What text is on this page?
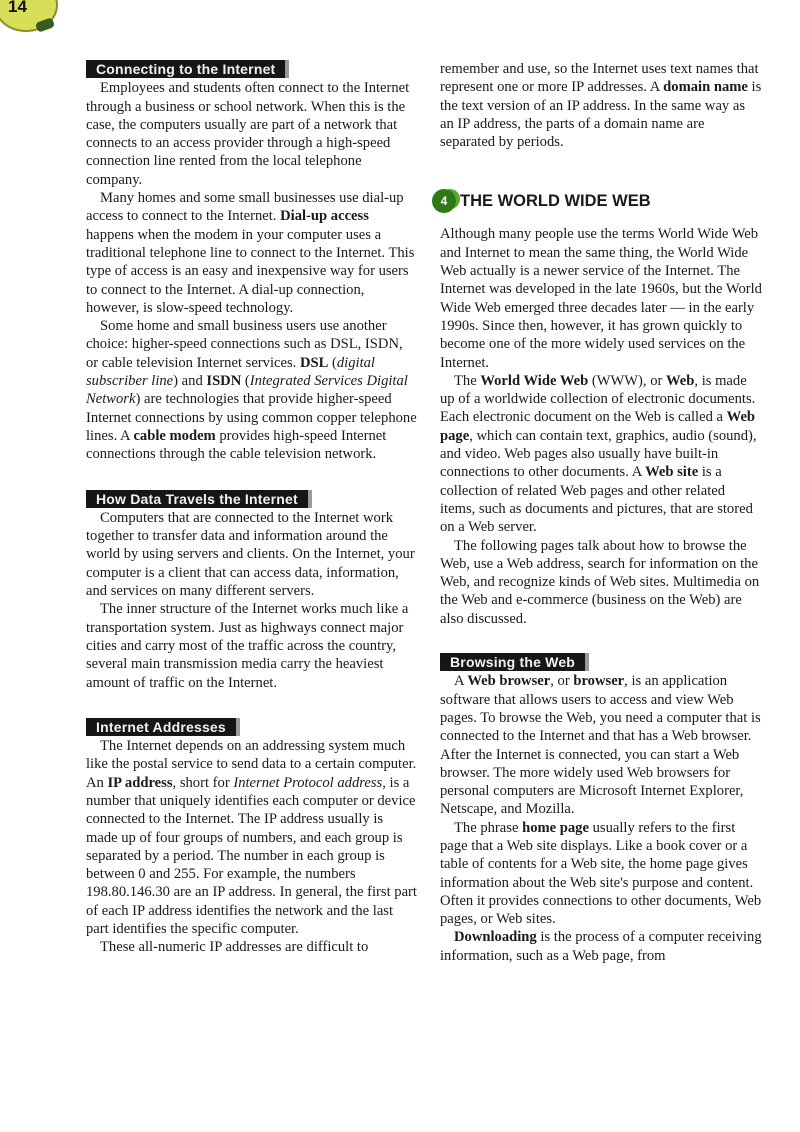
14
Connecting to the Internet

Employees and students often connect to the Internet through a business or school network. When this is the case, the computers usually are part of a network that connects to an access provider through a high-speed connection line rented from the local telephone company.

Many homes and some small businesses use dial-up access to connect to the Internet. Dial-up access happens when the modem in your computer uses a traditional telephone line to connect to the Internet. This type of access is an easy and inexpensive way for users to connect to the Internet. A dial-up connection, however, is slow-speed technology.

Some home and small business users use another choice: higher-speed connections such as DSL, ISDN, or cable television Internet services. DSL (digital subscriber line) and ISDN (Integrated Services Digital Network) are technologies that provide higher-speed Internet connections by using common copper telephone lines. A cable modem provides high-speed Internet connections through the cable television network.

How Data Travels the Internet

Computers that are connected to the Internet work together to transfer data and information around the world by using servers and clients. On the Internet, your computer is a client that can access data, information, and services on many different servers.

The inner structure of the Internet works much like a transportation system. Just as highways connect major cities and carry most of the traffic across the country, several main transmission media carry the heaviest amount of traffic on the Internet.

Internet Addresses

The Internet depends on an addressing system much like the postal service to send data to a certain computer. An IP address, short for Internet Protocol address, is a number that uniquely identifies each computer or device connected to the Internet. The IP address usually is made up of four groups of numbers, and each group is separated by a period. The number in each group is between 0 and 255. For example, the numbers 198.80.146.30 are an IP address. In general, the first part of each IP address identifies the network and the last part identifies the specific computer.

These all-numeric IP addresses are difficult to

remember and use, so the Internet uses text names that represent one or more IP addresses. A domain name is the text version of an IP address. In the same way as an IP address, the parts of a domain name are separated by periods.

4 THE WORLD WIDE WEB

Although many people use the terms World Wide Web and Internet to mean the same thing, the World Wide Web actually is a newer service of the Internet. The Internet was developed in the late 1960s, but the World Wide Web emerged three decades later — in the early 1990s. Since then, however, it has grown quickly to become one of the more widely used services on the Internet.

The World Wide Web (WWW), or Web, is made up of a worldwide collection of electronic documents. Each electronic document on the Web is called a Web page, which can contain text, graphics, audio (sound), and video. Web pages also usually have built-in connections to other documents. A Web site is a collection of related Web pages and other related items, such as documents and pictures, that are stored on a Web server.

The following pages talk about how to browse the Web, use a Web address, search for information on the Web, and recognize kinds of Web sites. Multimedia on the Web and e-commerce (business on the Web) are also discussed.

Browsing the Web

A Web browser, or browser, is an application software that allows users to access and view Web pages. To browse the Web, you need a computer that is connected to the Internet and that has a Web browser. After the Internet is connected, you can start a Web browser. The more widely used Web browsers for personal computers are Microsoft Internet Explorer, Netscape, and Mozilla.

The phrase home page usually refers to the first page that a Web site displays. Like a book cover or a table of contents for a Web site, the home page gives information about the Web site's purpose and content. Often it provides connections to other documents, Web pages, or Web sites.

Downloading is the process of a computer receiving information, such as a Web page, from
